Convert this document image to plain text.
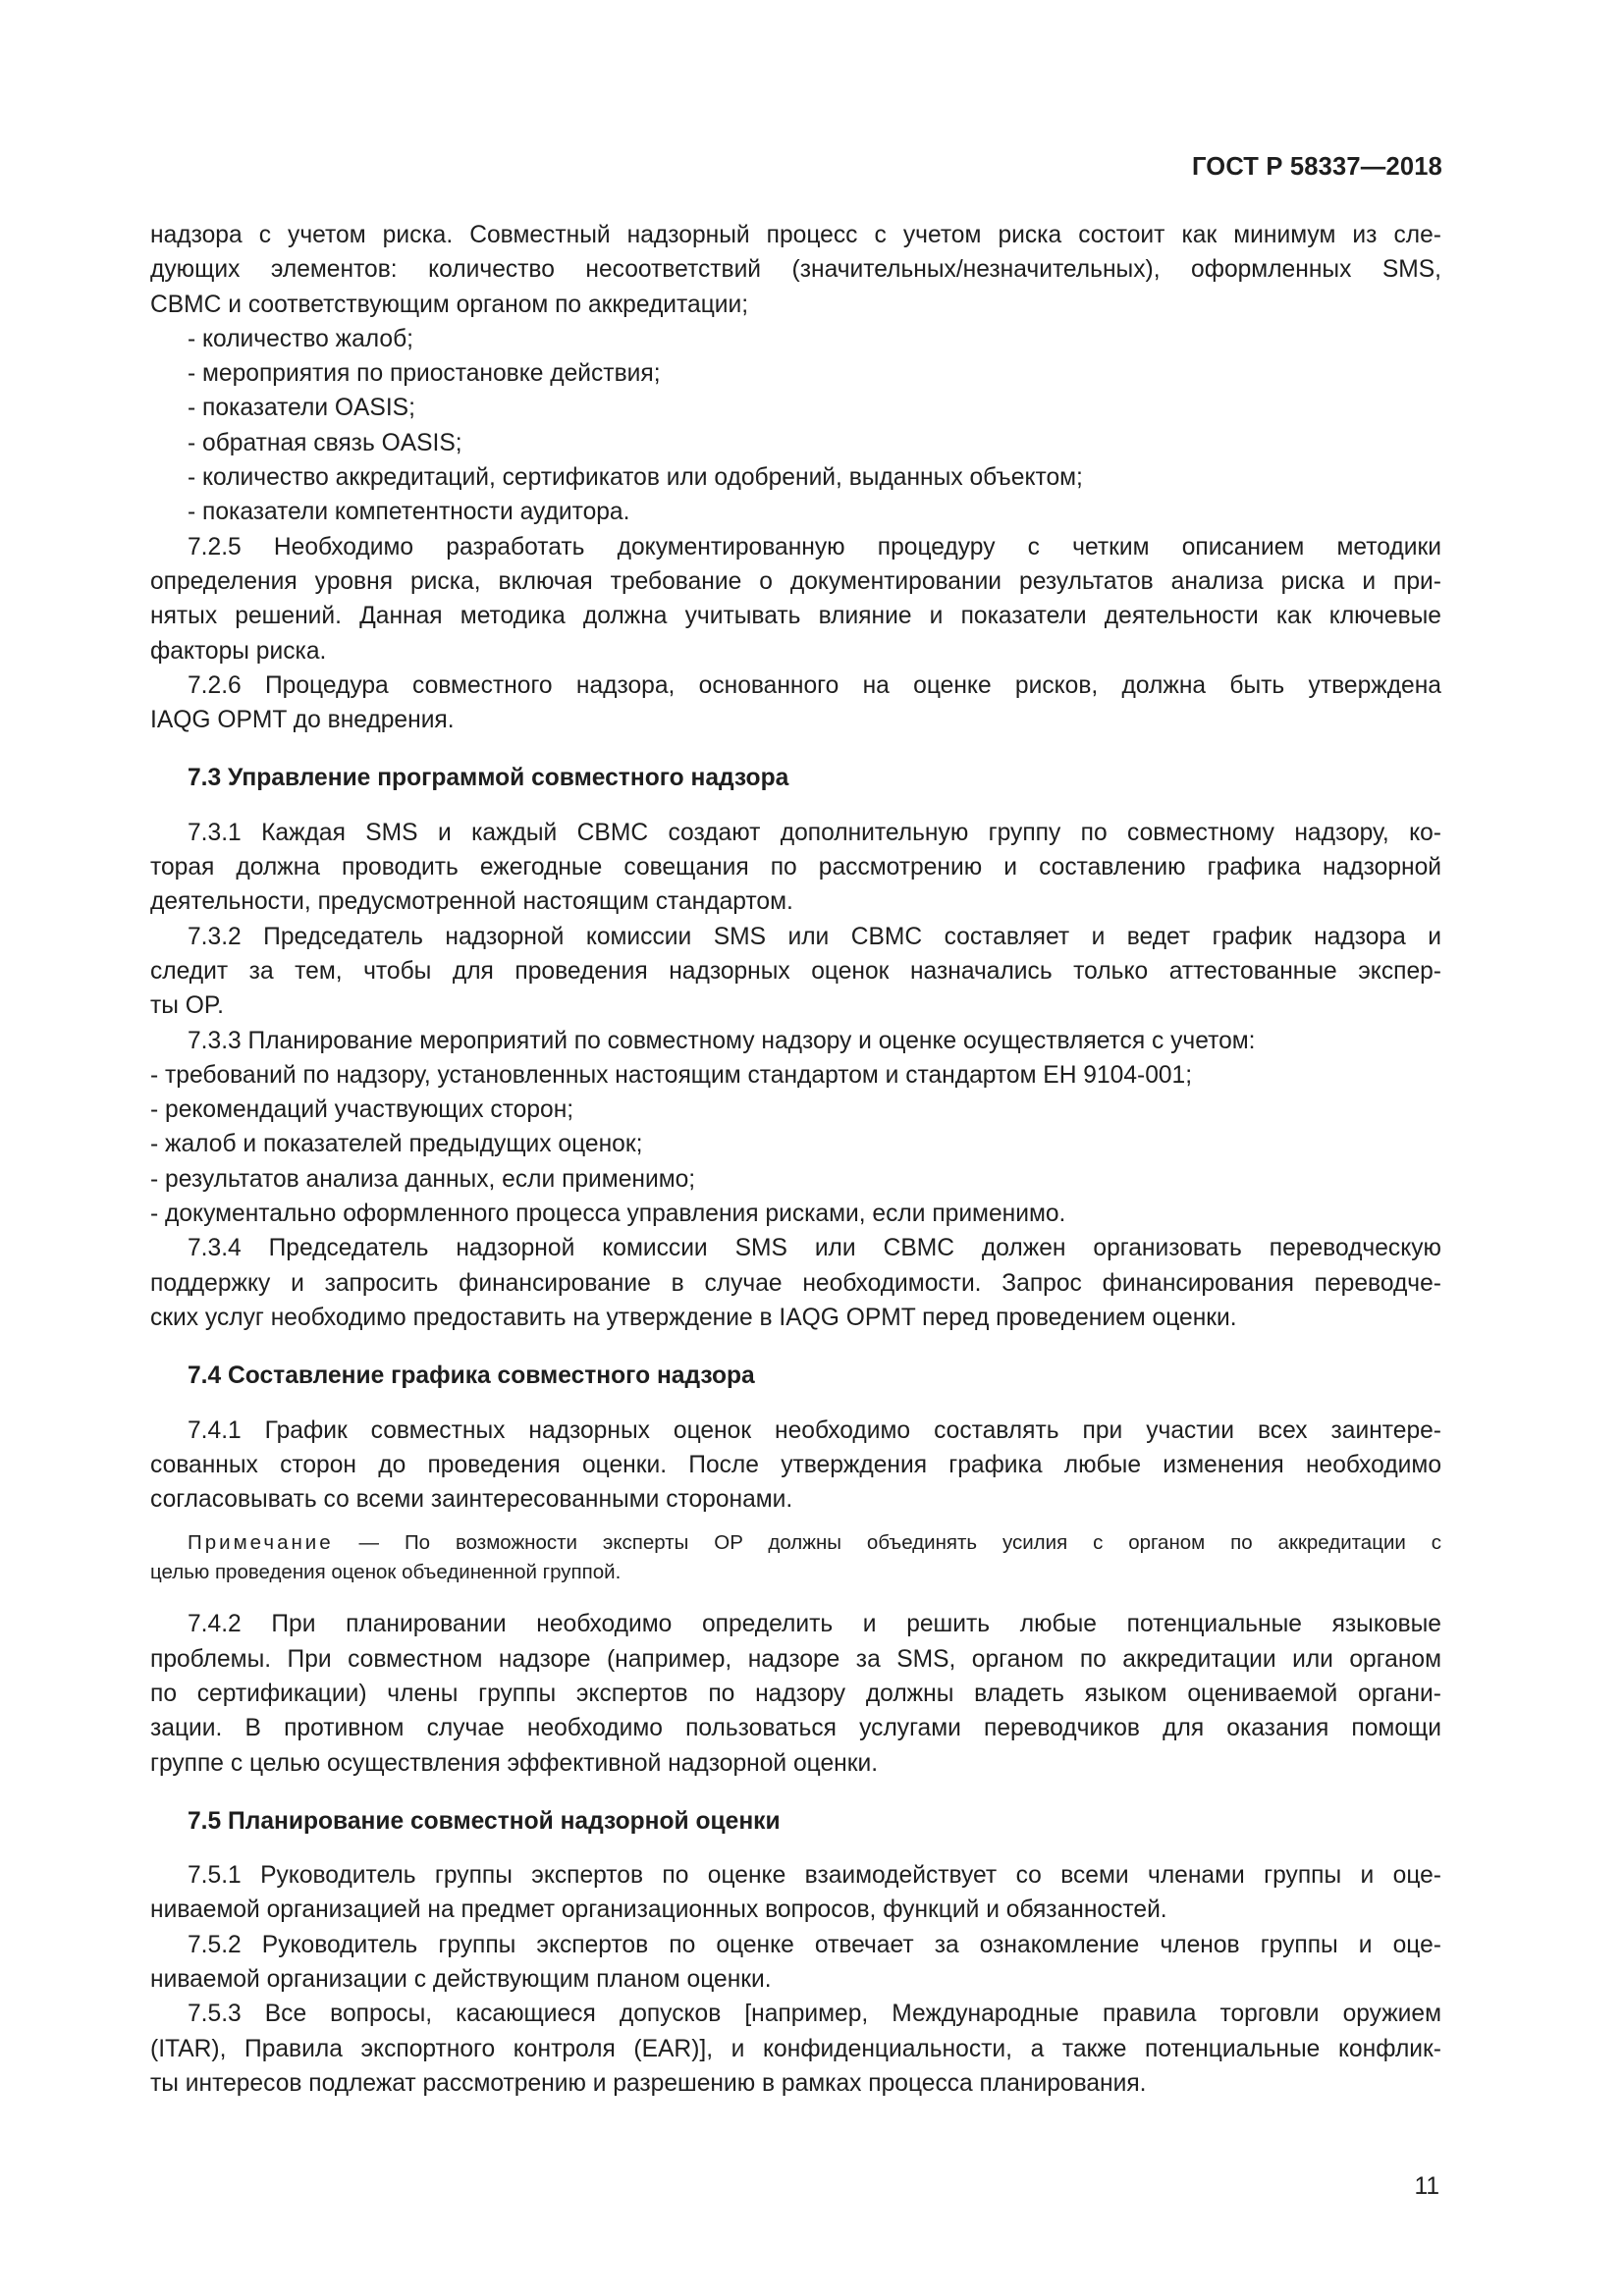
ГОСТ Р 58337—2018

надзора с учетом риска. Совместный надзорный процесс с учетом риска состоит как минимум из сле-

дующих элементов: количество несоответствий (значительных/незначительных), оформленных SMS,

CBMC и соответствующим органом по аккредитации;

- количество жалоб;

- мероприятия по приостановке действия;

- показатели OASIS;

- обратная связь OASIS;

- количество аккредитаций, сертификатов или одобрений, выданных объектом;

- показатели компетентности аудитора.

7.2.5 Необходимо разработать документированную процедуру с четким описанием методики

определения уровня риска, включая требование о документировании результатов анализа риска и при-

нятых решений. Данная методика должна учитывать влияние и показатели деятельности как ключевые

факторы риска.

7.2.6 Процедура совместного надзора, основанного на оценке рисков, должна быть утверждена

IAQG OPMT до внедрения.

7.3 Управление программой совместного надзора

7.3.1 Каждая SMS и каждый CBMC создают дополнительную группу по совместному надзору, ко-

торая должна проводить ежегодные совещания по рассмотрению и составлению графика надзорной

деятельности, предусмотренной настоящим стандартом.

7.3.2 Председатель надзорной комиссии SMS или CBMC составляет и ведет график надзора и

следит за тем, чтобы для проведения надзорных оценок назначались только аттестованные экспер-

ты OP.

7.3.3 Планирование мероприятий по совместному надзору и оценке осуществляется с учетом:

- требований по надзору, установленных настоящим стандартом и стандартом ЕН 9104-001;

- рекомендаций участвующих сторон;

- жалоб и показателей предыдущих оценок;

- результатов анализа данных, если применимо;

- документально оформленного процесса управления рисками, если применимо.

7.3.4 Председатель надзорной комиссии SMS или CBMC должен организовать переводческую

поддержку и запросить финансирование в случае необходимости. Запрос финансирования переводче-

ских услуг необходимо предоставить на утверждение в IAQG OPMT перед проведением оценки.

7.4 Составление графика совместного надзора

7.4.1 График совместных надзорных оценок необходимо составлять при участии всех заинтере-

сованных сторон до проведения оценки. После утверждения графика любые изменения необходимо

согласовывать со всеми заинтересованными сторонами.

Примечание — По возможности эксперты OP должны объединять усилия с органом по аккредитации с

целью проведения оценок объединенной группой.

7.4.2 При планировании необходимо определить и решить любые потенциальные языковые

проблемы. При совместном надзоре (например, надзоре за SMS, органом по аккредитации или органом

по сертификации) члены группы экспертов по надзору должны владеть языком оцениваемой органи-

зации. В противном случае необходимо пользоваться услугами переводчиков для оказания помощи

группе с целью осуществления эффективной надзорной оценки.

7.5 Планирование совместной надзорной оценки

7.5.1 Руководитель группы экспертов по оценке взаимодействует со всеми членами группы и оце-

ниваемой организацией на предмет организационных вопросов, функций и обязанностей.

7.5.2 Руководитель группы экспертов по оценке отвечает за ознакомление членов группы и оце-

ниваемой организации с действующим планом оценки.

7.5.3 Все вопросы, касающиеся допусков [например, Международные правила торговли оружием

(ITAR), Правила экспортного контроля (EAR)], и конфиденциальности, а также потенциальные конфлик-

ты интересов подлежат рассмотрению и разрешению в рамках процесса планирования.

11
